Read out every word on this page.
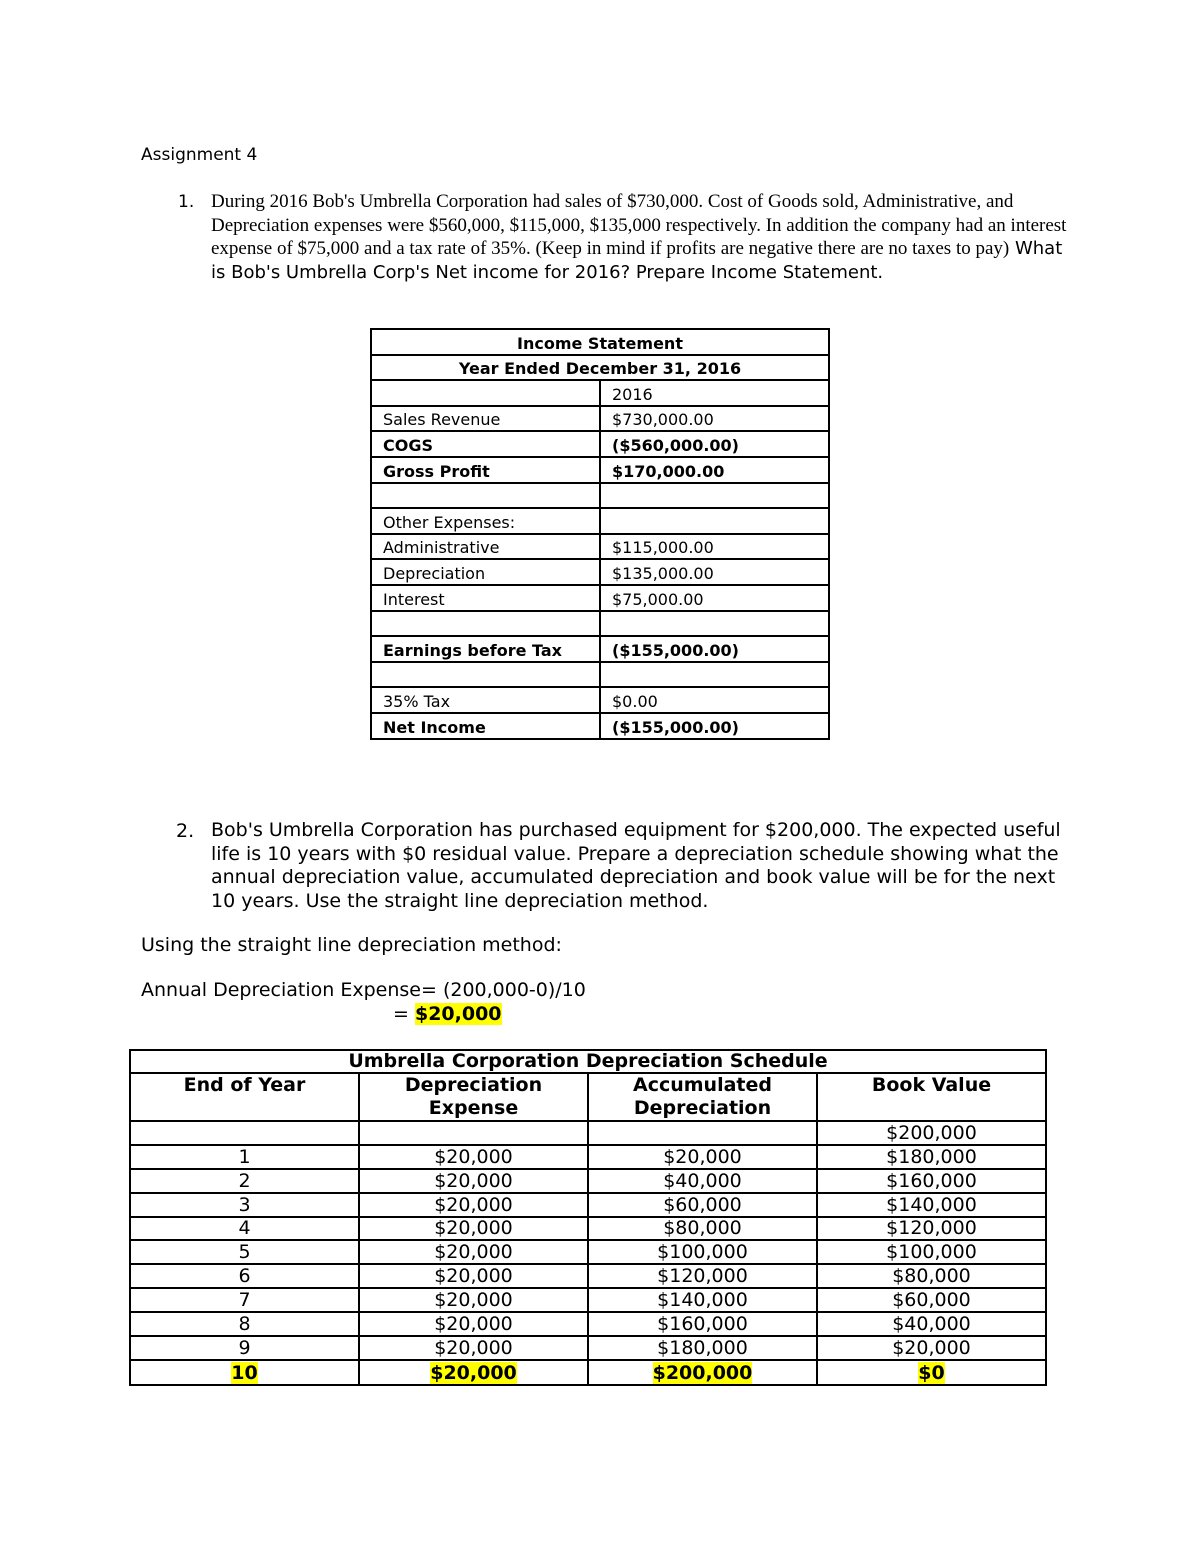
Assignment 4
1. During 2016 Bob's Umbrella Corporation had sales of $730,000. Cost of Goods sold, Administrative, and Depreciation expenses were $560,000, $115,000, $135,000 respectively. In addition the company had an interest expense of $75,000 and a tax rate of 35%. (Keep in mind if profits are negative there are no taxes to pay) What is Bob's Umbrella Corp's Net income for 2016? Prepare Income Statement.
Income Statement	
Year Ended December 31, 2016	
	2016
Sales Revenue	$730,000.00
COGS	($560,000.00)
Gross Profit	$170,000.00

Other Expenses:	
Administrative	$115,000.00
Depreciation	$135,000.00
Interest	$75,000.00

Earnings before Tax	($155,000.00)

35% Tax	$0.00
Net Income	($155,000.00)
2. Bob's Umbrella Corporation has purchased equipment for $200,000. The expected useful life is 10 years with $0 residual value. Prepare a depreciation schedule showing what the annual depreciation value, accumulated depreciation and book value will be for the next 10 years. Use the straight line depreciation method.
Using the straight line depreciation method:
Annual Depreciation Expense= (200,000-0)/10
= $20,000
Umbrella Corporation Depreciation Schedule			
End of Year	Depreciation Expense	Accumulated Depreciation	Book Value
			$200,000
1	$20,000	$20,000	$180,000
2	$20,000	$40,000	$160,000
3	$20,000	$60,000	$140,000
4	$20,000	$80,000	$120,000
5	$20,000	$100,000	$100,000
6	$20,000	$120,000	$80,000
7	$20,000	$140,000	$60,000
8	$20,000	$160,000	$40,000
9	$20,000	$180,000	$20,000
10	$20,000	$200,000	$0
